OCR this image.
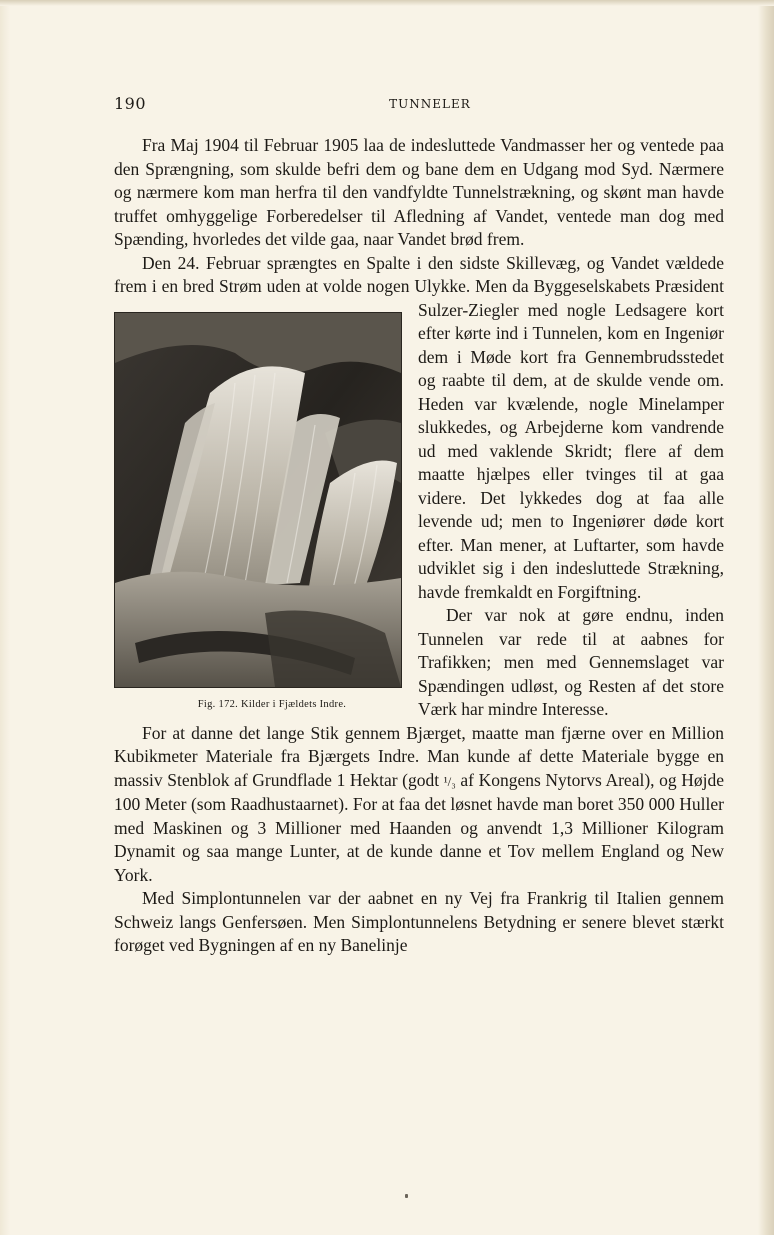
190	TUNNELER

Fra Maj 1904 til Februar 1905 laa de indesluttede Vandmasser her og ventede paa den Sprængning, som skulde befri dem og bane dem en Udgang mod Syd. Nærmere og nærmere kom man herfra til den vandfyldte Tunnelstrækning, og skønt man havde truffet omhyggelige Forberedelser til Afledning af Vandet, ventede man dog med Spænding, hvorledes det vilde gaa, naar Vandet brød frem.

Den 24. Februar sprængtes en Spalte i den sidste Skillevæg, og Vandet vældede frem i en bred Strøm uden at volde nogen Ulykke.
Fig. 172. Kilder i Fjældets Indre.
Men da Byggeselskabets Præsident Sulzer-Ziegler med nogle Ledsagere kort efter kørte ind i Tunnelen, kom en Ingeniør dem i Møde kort fra Gennembrudsstedet og raabte til dem, at de skulde vende om. Heden var kvælende, nogle Minelamper slukkedes, og Arbejderne kom vandrende ud med vaklende Skridt; flere af dem maatte hjælpes eller tvinges til at gaa videre. Det lykkedes dog at faa alle levende ud; men to Ingeniører døde kort efter. Man mener, at Luftarter, som havde udviklet sig i den indesluttede Strækning, havde fremkaldt en Forgiftning.

Der var nok at gøre endnu, inden Tunnelen var rede til at aabnes for Trafikken; men med Gennemslaget var Spændingen udløst, og Resten af det store Værk har mindre Interesse.

For at danne det lange Stik gennem Bjærget, maatte man fjærne over en Million Kubikmeter Materiale fra Bjærgets Indre. Man kunde af dette Materiale bygge en massiv Stenblok af Grundflade 1 Hektar (godt ¹/₃ af Kongens Nytorvs Areal), og Højde 100 Meter (som Raadhustaarnet). For at faa det løsnet havde man boret 350 000 Huller med Maskinen og 3 Millioner med Haanden og anvendt 1,3 Millioner Kilogram Dynamit og saa mange Lunter, at de kunde danne et Tov mellem England og New York.

Med Simplontunnelen var der aabnet en ny Vej fra Frankrig til Italien gennem Schweiz langs Genfersøen. Men Simplontunnelens Betydning er senere blevet stærkt forøget ved Bygningen af en ny Banelinje
